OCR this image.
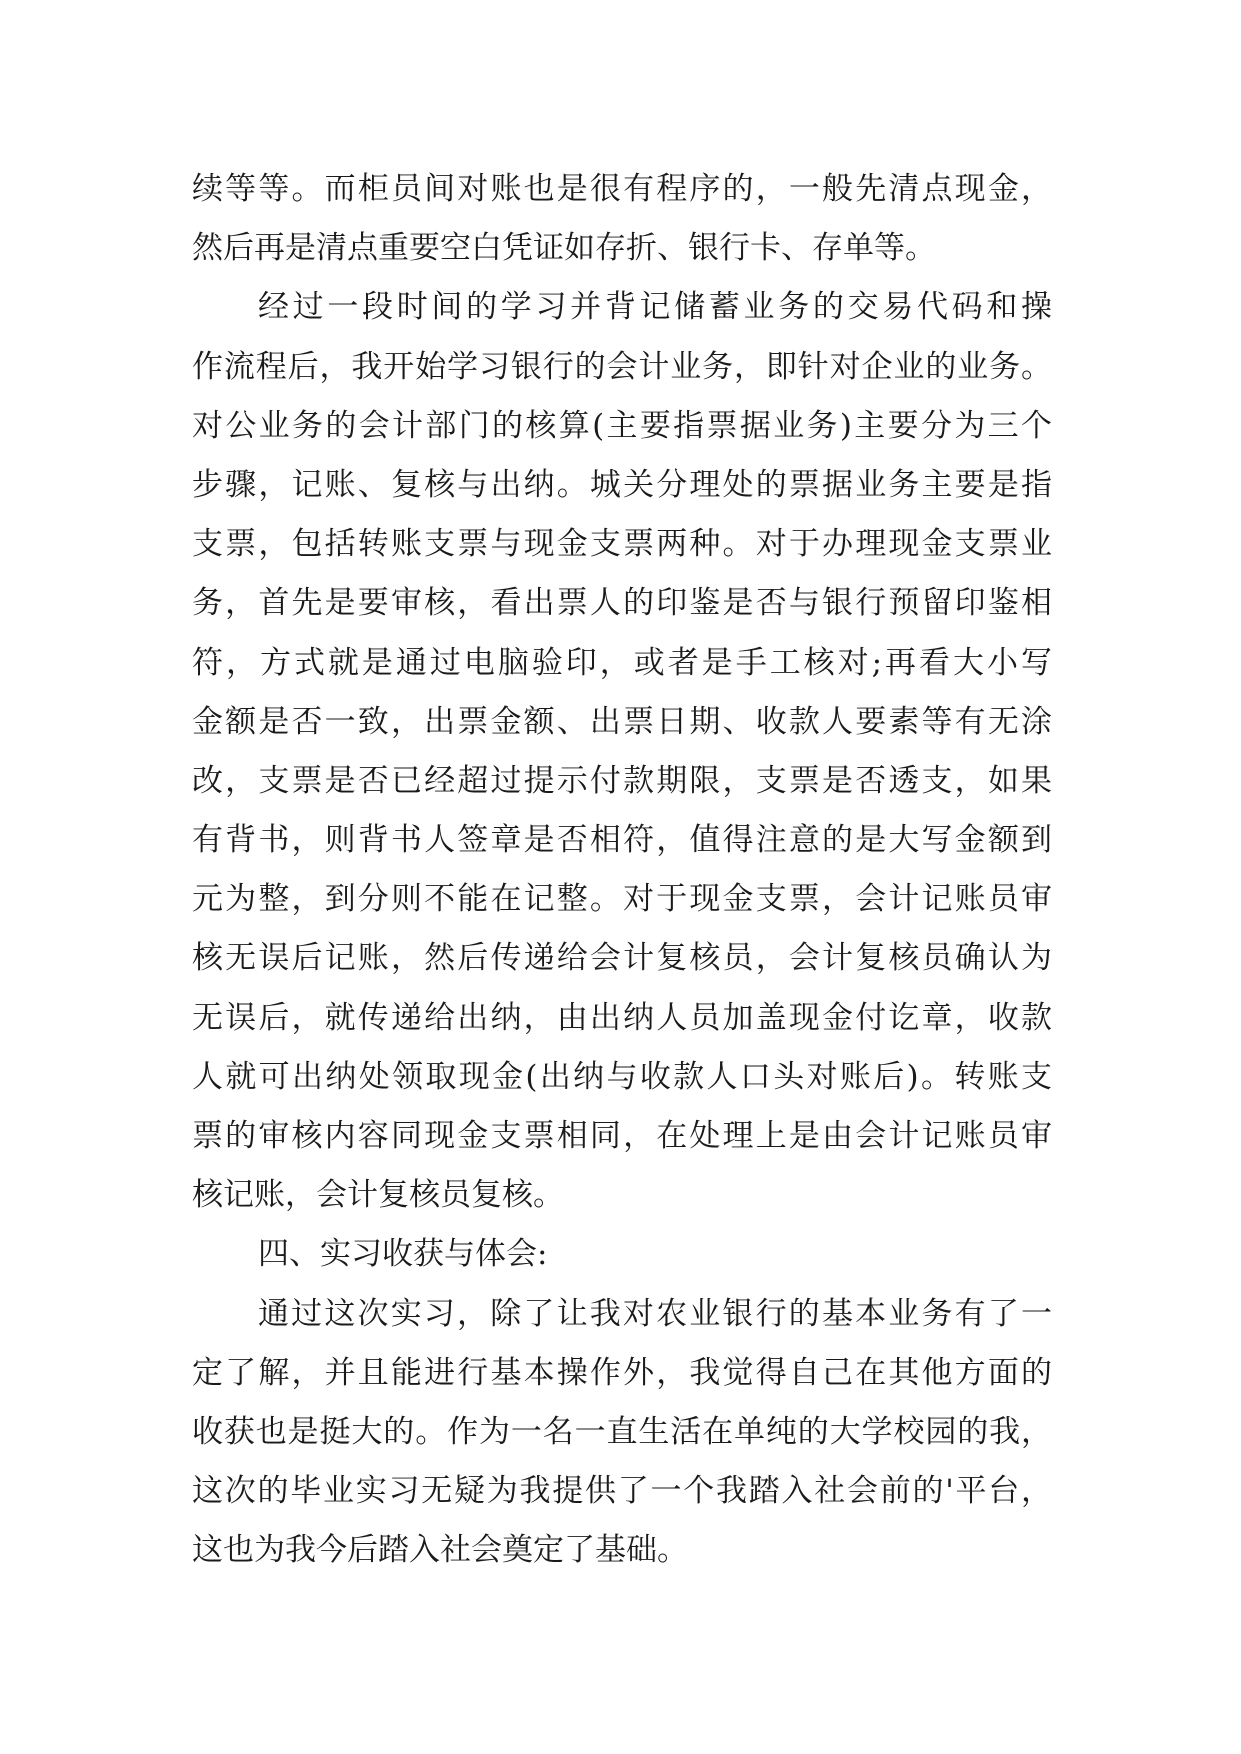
续等等。而柜员间对账也是很有程序的，一般先清点现金，
然后再是清点重要空白凭证如存折、银行卡、存单等。
经过一段时间的学习并背记储蓄业务的交易代码和操
作流程后，我开始学习银行的会计业务，即针对企业的业务。
对公业务的会计部门的核算(主要指票据业务)主要分为三个
步骤，记账、复核与出纳。城关分理处的票据业务主要是指
支票，包括转账支票与现金支票两种。对于办理现金支票业
务，首先是要审核，看出票人的印鉴是否与银行预留印鉴相
符，方式就是通过电脑验印，或者是手工核对;再看大小写
金额是否一致，出票金额、出票日期、收款人要素等有无涂
改，支票是否已经超过提示付款期限，支票是否透支，如果
有背书，则背书人签章是否相符，值得注意的是大写金额到
元为整，到分则不能在记整。对于现金支票，会计记账员审
核无误后记账，然后传递给会计复核员，会计复核员确认为
无误后，就传递给出纳，由出纳人员加盖现金付讫章，收款
人就可出纳处领取现金(出纳与收款人口头对账后)。转账支
票的审核内容同现金支票相同，在处理上是由会计记账员审
核记账，会计复核员复核。
四、实习收获与体会:
通过这次实习，除了让我对农业银行的基本业务有了一
定了解，并且能进行基本操作外，我觉得自己在其他方面的
收获也是挺大的。作为一名一直生活在单纯的大学校园的我，
这次的毕业实习无疑为我提供了一个我踏入社会前的'平台，
这也为我今后踏入社会奠定了基础。
